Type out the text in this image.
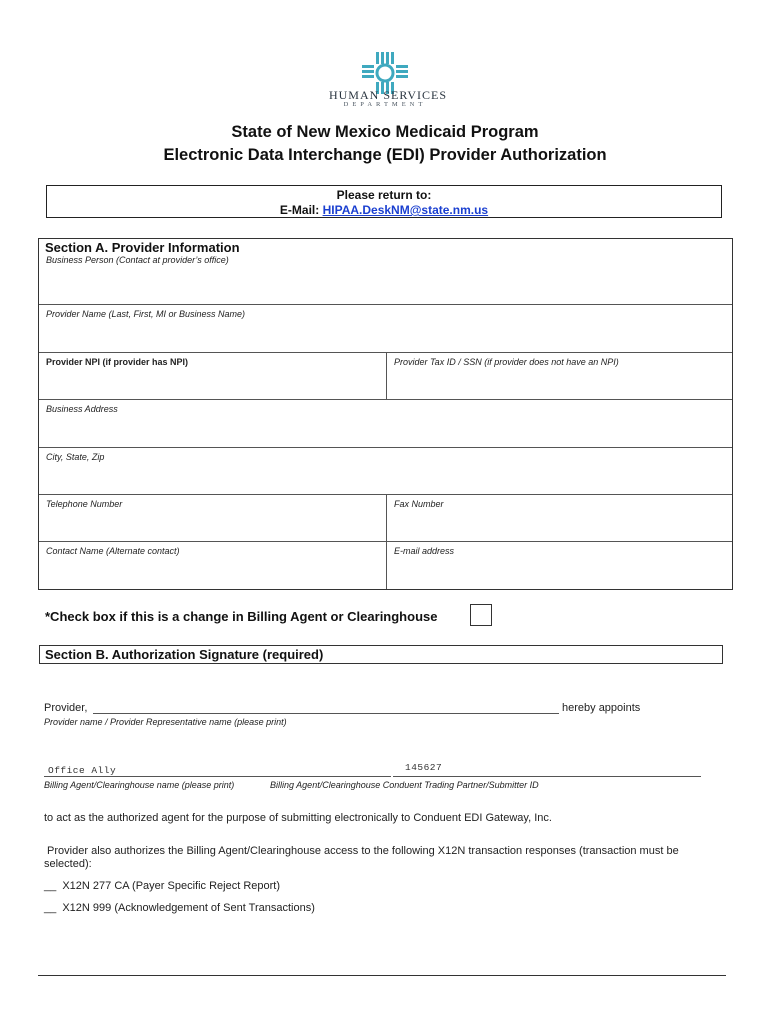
HUMAN SERVICES
DEPARTMENT
State of New Mexico Medicaid Program
Electronic Data Interchange (EDI) Provider Authorization
Please return to:
E-Mail: HIPAA.DeskNM@state.nm.us
Section A. Provider Information
Business Person (Contact at provider’s office)
Provider Name (Last, First, MI or Business Name)
Provider NPI (if provider has NPI)	Provider Tax ID / SSN (if provider does not have an NPI)
Business Address
City, State, Zip
Telephone Number	Fax Number
Contact Name (Alternate contact)	E-mail address
*Check box if this is a change in Billing Agent or Clearinghouse
Section B. Authorization Signature (required)
Provider,	hereby appoints
Provider name / Provider Representative name (please print)
Office Ally	145627
Billing Agent/Clearinghouse name (please print)	Billing Agent/Clearinghouse Conduent Trading Partner/Submitter ID
to act as the authorized agent for the purpose of submitting electronically to Conduent EDI Gateway, Inc.
Provider also authorizes the Billing Agent/Clearinghouse access to the following X12N transaction responses (transaction must be
selected):
__  X12N 277 CA (Payer Specific Reject Report)
__  X12N 999 (Acknowledgement of Sent Transactions)
